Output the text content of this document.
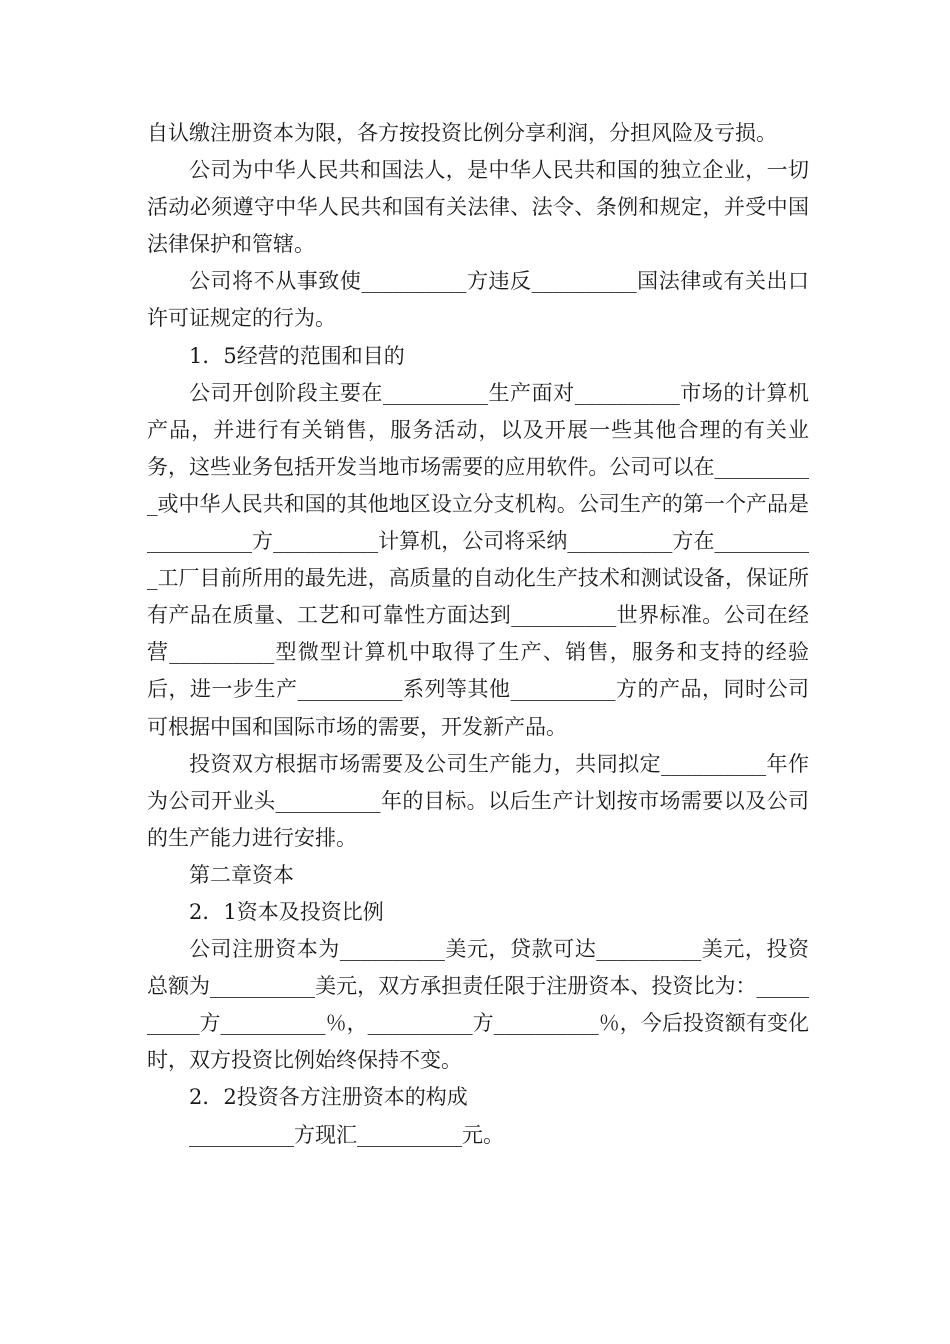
自认缴注册资本为限，各方按投资比例分享利润，分担风险及亏损。

公司为中华人民共和国法人，是中华人民共和国的独立企业，一切活动必须遵守中华人民共和国有关法律、法令、条例和规定，并受中国法律保护和管辖。

公司将不从事致使__________方违反__________国法律或有关出口许可证规定的行为。

1．5经营的范围和目的

公司开创阶段主要在__________生产面对__________市场的计算机产品，并进行有关销售，服务活动，以及开展一些其他合理的有关业务，这些业务包括开发当地市场需要的应用软件。公司可以在__________或中华人民共和国的其他地区设立分支机构。公司生产的第一个产品是__________方__________计算机，公司将采纳__________方在__________工厂目前所用的最先进，高质量的自动化生产技术和测试设备，保证所有产品在质量、工艺和可靠性方面达到__________世界标准。公司在经营__________型微型计算机中取得了生产、销售，服务和支持的经验后，进一步生产__________系列等其他__________方的产品，同时公司可根据中国和国际市场的需要，开发新产品。

投资双方根据市场需要及公司生产能力，共同拟定__________年作为公司开业头__________年的目标。以后生产计划按市场需要以及公司的生产能力进行安排。

第二章资本

2．1资本及投资比例

公司注册资本为__________美元，贷款可达__________美元，投资总额为__________美元，双方承担责任限于注册资本、投资比为：__________方__________％，__________方__________％，今后投资额有变化时，双方投资比例始终保持不变。

2．2投资各方注册资本的构成

__________方现汇__________元。
